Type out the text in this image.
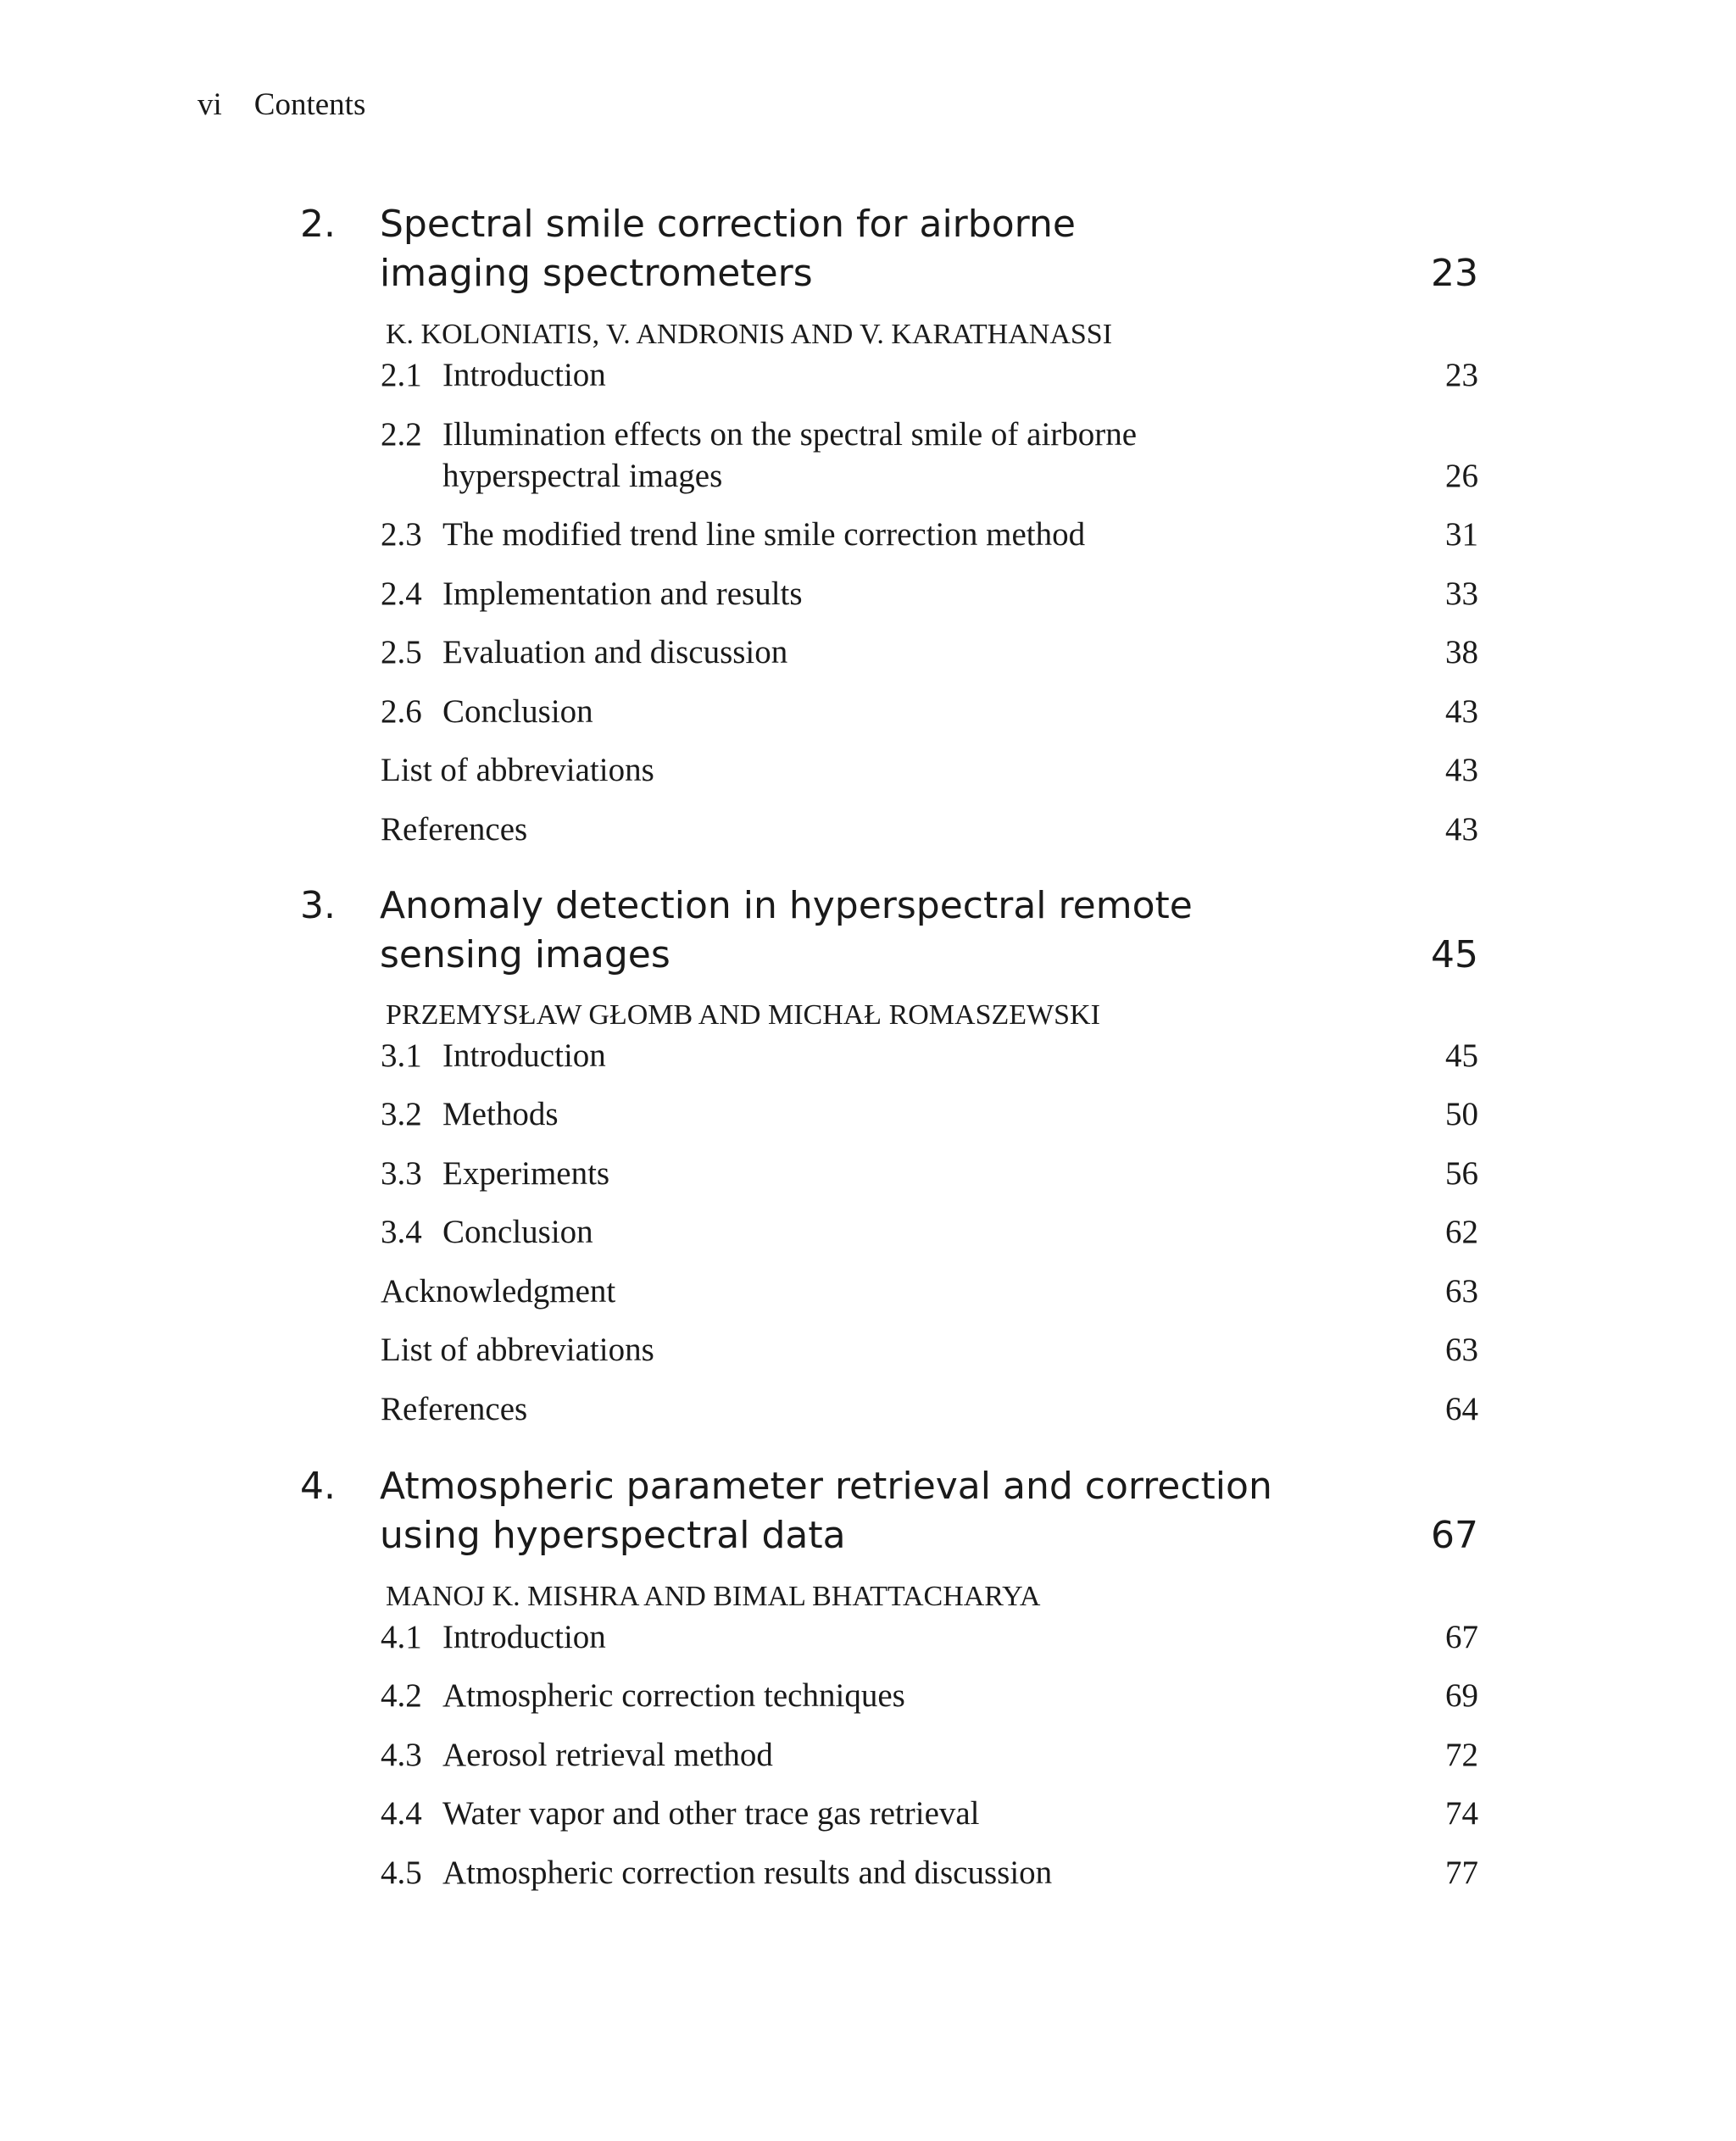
vi Contents
2. Spectral smile correction for airborne
imaging spectrometers	23
K. KOLONIATIS, V. ANDRONIS AND V. KARATHANASSI
2.1 Introduction	23
2.2 Illumination effects on the spectral smile of airborne
hyperspectral images	26
2.3 The modified trend line smile correction method	31
2.4 Implementation and results	33
2.5 Evaluation and discussion	38
2.6 Conclusion	43
List of abbreviations	43
References	43
3. Anomaly detection in hyperspectral remote
sensing images	45
PRZEMYSŁAW GŁOMB AND MICHAŁ ROMASZEWSKI
3.1 Introduction	45
3.2 Methods	50
3.3 Experiments	56
3.4 Conclusion	62
Acknowledgment	63
List of abbreviations	63
References	64
4. Atmospheric parameter retrieval and correction
using hyperspectral data	67
MANOJ K. MISHRA AND BIMAL BHATTACHARYA
4.1 Introduction	67
4.2 Atmospheric correction techniques	69
4.3 Aerosol retrieval method	72
4.4 Water vapor and other trace gas retrieval	74
4.5 Atmospheric correction results and discussion	77
